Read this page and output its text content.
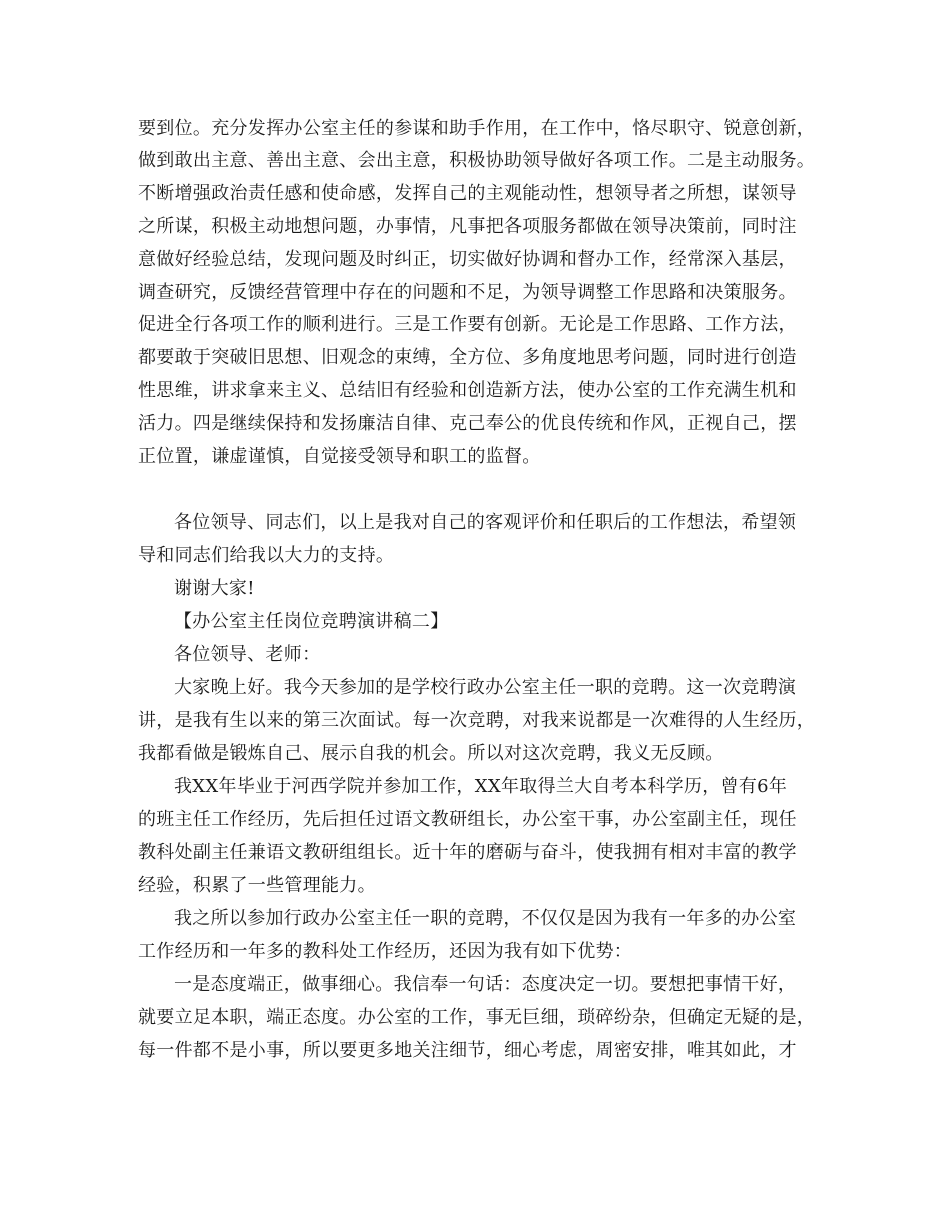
要到位。充分发挥办公室主任的参谋和助手作用，在工作中，恪尽职守、锐意创新，
做到敢出主意、善出主意、会出主意，积极协助领导做好各项工作。二是主动服务。
不断增强政治责任感和使命感，发挥自己的主观能动性，想领导者之所想，谋领导
之所谋，积极主动地想问题，办事情，凡事把各项服务都做在领导决策前，同时注
意做好经验总结，发现问题及时纠正，切实做好协调和督办工作，经常深入基层，
调查研究，反馈经营管理中存在的问题和不足，为领导调整工作思路和决策服务。
促进全行各项工作的顺利进行。三是工作要有创新。无论是工作思路、工作方法，
都要敢于突破旧思想、旧观念的束缚，全方位、多角度地思考问题，同时进行创造
性思维，讲求拿来主义、总结旧有经验和创造新方法，使办公室的工作充满生机和
活力。四是继续保持和发扬廉洁自律、克己奉公的优良传统和作风，正视自己，摆
正位置，谦虚谨慎，自觉接受领导和职工的监督。
各位领导、同志们，以上是我对自己的客观评价和任职后的工作想法，希望领
导和同志们给我以大力的支持。
谢谢大家!
【办公室主任岗位竞聘演讲稿二】
各位领导、老师：
大家晚上好。我今天参加的是学校行政办公室主任一职的竞聘。这一次竞聘演
讲，是我有生以来的第三次面试。每一次竞聘，对我来说都是一次难得的人生经历，
我都看做是锻炼自己、展示自我的机会。所以对这次竞聘，我义无反顾。
我XX年毕业于河西学院并参加工作，XX年取得兰大自考本科学历，曾有6年
的班主任工作经历，先后担任过语文教研组长，办公室干事，办公室副主任，现任
教科处副主任兼语文教研组组长。近十年的磨砺与奋斗，使我拥有相对丰富的教学
经验，积累了一些管理能力。
我之所以参加行政办公室主任一职的竞聘，不仅仅是因为我有一年多的办公室
工作经历和一年多的教科处工作经历，还因为我有如下优势：
一是态度端正，做事细心。我信奉一句话：态度决定一切。要想把事情干好，
就要立足本职，端正态度。办公室的工作，事无巨细，琐碎纷杂，但确定无疑的是，
每一件都不是小事，所以要更多地关注细节，细心考虑，周密安排，唯其如此，才
